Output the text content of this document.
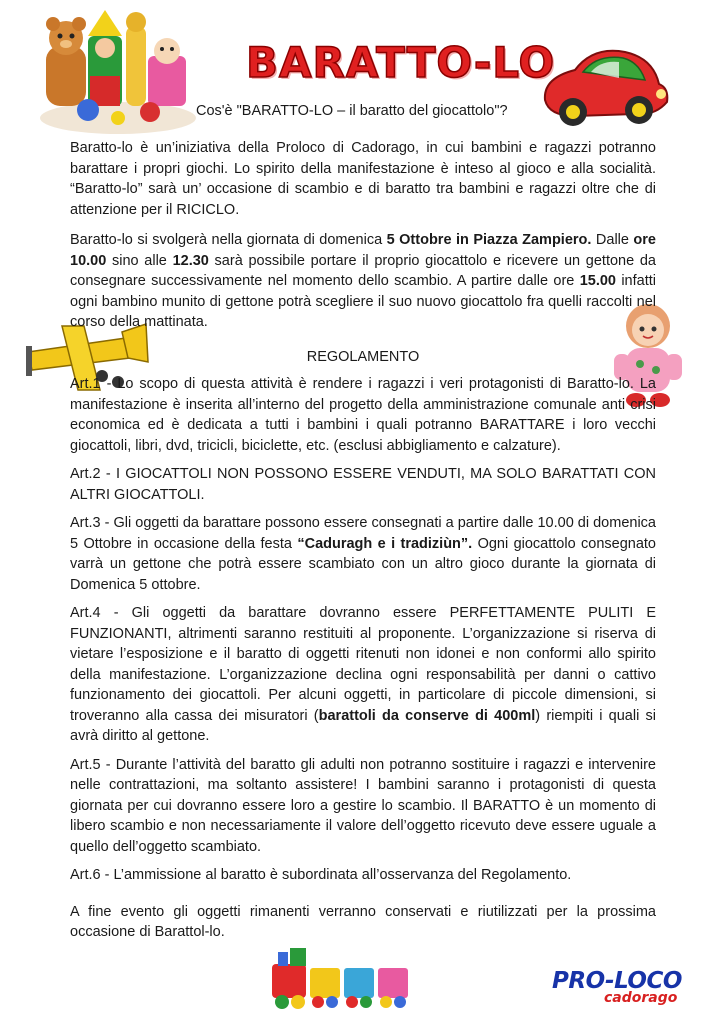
BARATTO-LO
Cos'è "BARATTO-LO – il baratto del giocattolo"?

Baratto-lo è un’iniziativa della Proloco di Cadorago, in cui bambini e ragazzi potranno barattare i propri giochi. Lo spirito della manifestazione è inteso al gioco e alla socialità. “Baratto-lo” sarà un’ occasione di scambio e di baratto tra bambini e ragazzi oltre che di attenzione per il RICICLO.

Baratto-lo si svolgerà nella giornata di domenica 5 Ottobre in Piazza Zampiero. Dalle ore 10.00 sino alle 12.30 sarà possibile portare il proprio giocattolo e ricevere un gettone da consegnare successivamente nel momento dello scambio. A partire dalle ore 15.00 infatti ogni bambino munito di gettone potrà scegliere il suo nuovo giocattolo fra quelli raccolti nel corso della mattinata.

REGOLAMENTO

Art.1 - Lo scopo di questa attività è rendere i ragazzi i veri protagonisti di Baratto-lo. La manifestazione è inserita all’interno del progetto della amministrazione comunale anti crisi economica ed è dedicata a tutti i bambini i quali potranno BARATTARE i loro vecchi giocattoli, libri, dvd, tricicli, biciclette, etc. (esclusi abbigliamento e calzature).

Art.2 - I GIOCATTOLI NON POSSONO ESSERE VENDUTI, MA SOLO BARATTATI CON ALTRI GIOCATTOLI.

Art.3 - Gli oggetti da barattare possono essere consegnati a partire dalle 10.00 di domenica 5 Ottobre in occasione della festa “Caduragh e i tradiziùn”. Ogni giocattolo consegnato varrà un gettone che potrà essere scambiato con un altro gioco durante la giornata di Domenica 5 ottobre.

Art.4 - Gli oggetti da barattare dovranno essere PERFETTAMENTE PULITI E FUNZIONANTI, altrimenti saranno restituiti al proponente. L’organizzazione si riserva di vietare l’esposizione e il baratto di oggetti ritenuti non idonei e non conformi allo spirito della manifestazione. L’organizzazione declina ogni responsabilità per danni o cattivo funzionamento dei giocattoli. Per alcuni oggetti, in particolare di piccole dimensioni, si troveranno alla cassa dei misuratori (barattoli da conserve di 400ml) riempiti i quali si avrà diritto al gettone.

Art.5 - Durante l’attività del baratto gli adulti non potranno sostituire i ragazzi e intervenire nelle contrattazioni, ma soltanto assistere! I bambini saranno i protagonisti di questa giornata per cui dovranno essere loro a gestire lo scambio. Il BARATTO è un momento di libero scambio e non necessariamente il valore dell’oggetto ricevuto deve essere uguale a quello dell’oggetto scambiato.

Art.6 - L’ammissione al baratto è subordinata all’osservanza del Regolamento.

A fine evento gli oggetti rimanenti verranno conservati e riutilizzati per la prossima occasione di Barattol-lo.

PRO-LOCO
cadorago
